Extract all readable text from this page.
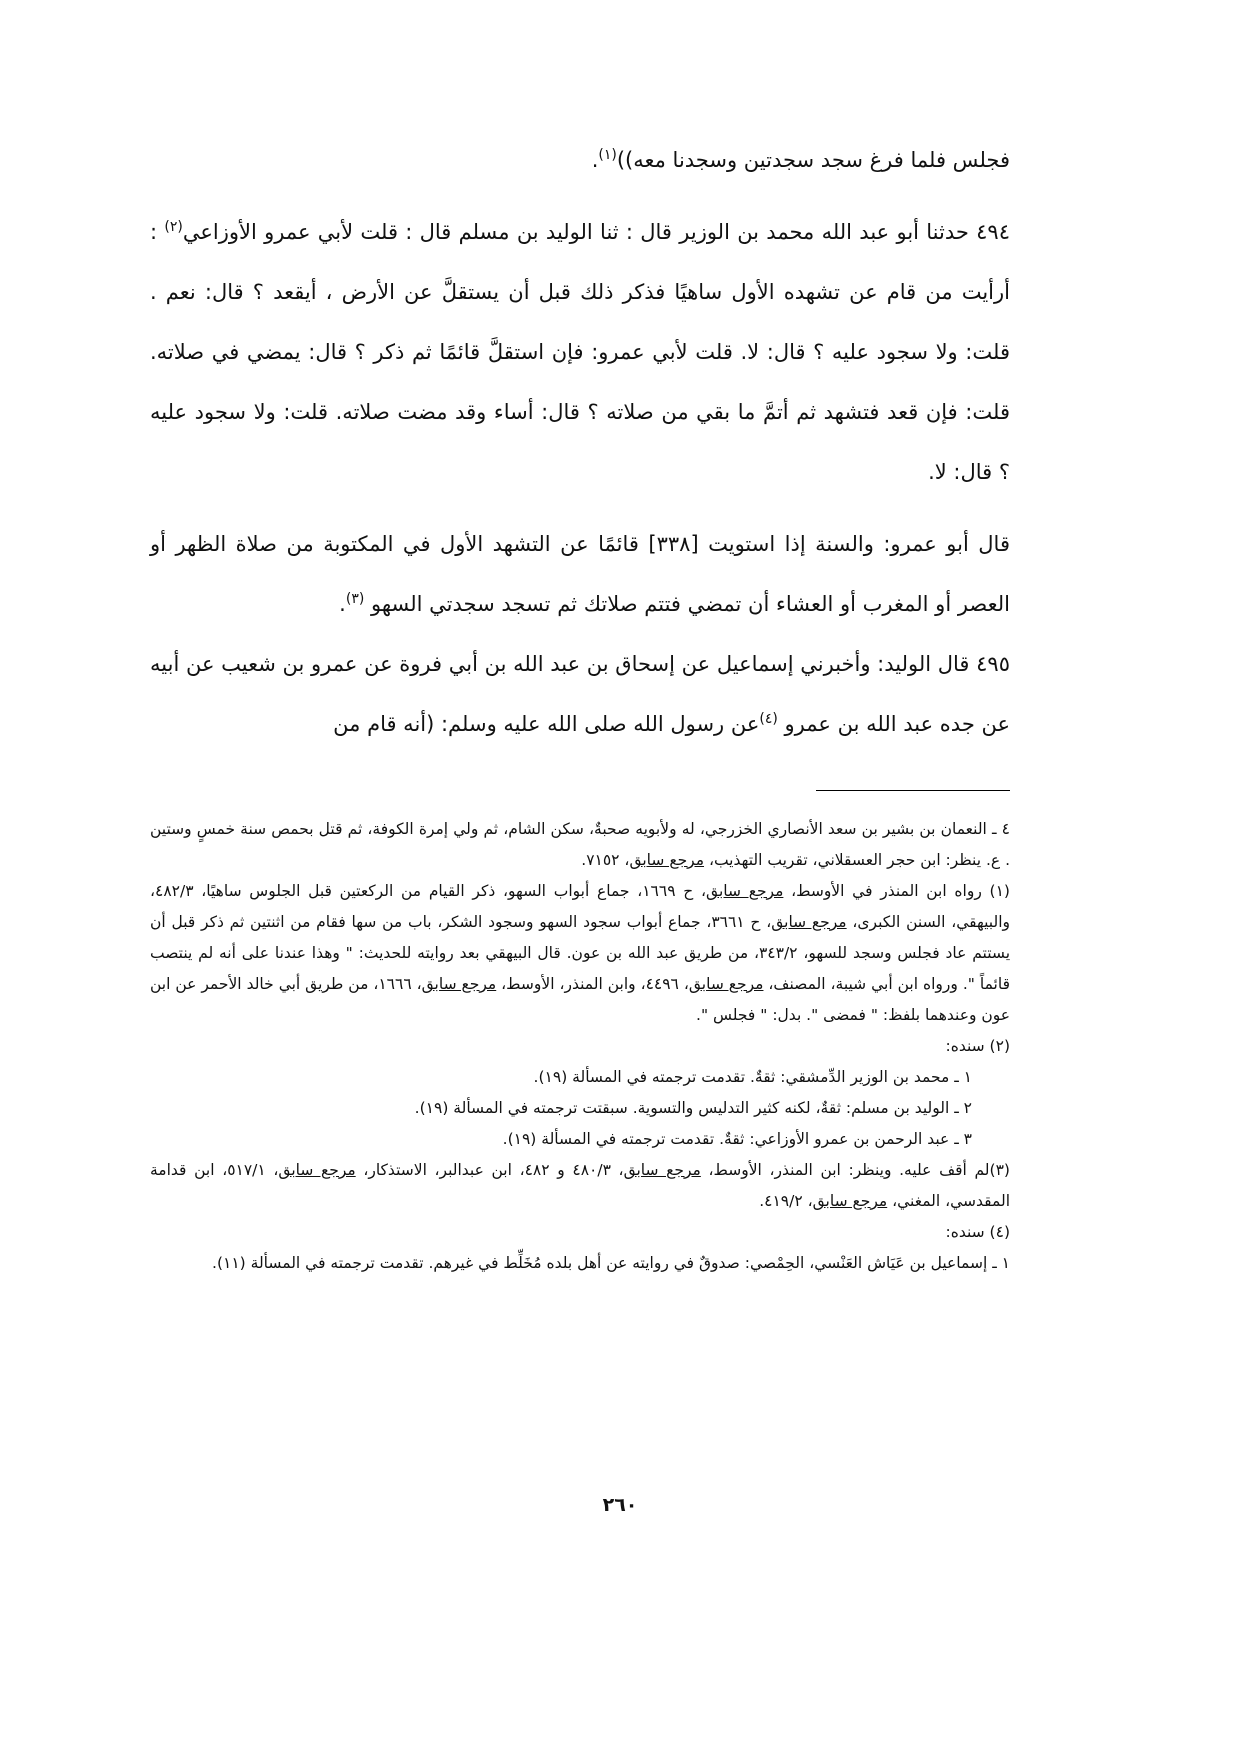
فجلس فلما فرغ سجد سجدتين وسجدنا معه))$^{(١)}$.

٤٩٤ حدثنا أبو عبد الله محمد بن الوزير قال : ثنا الوليد بن مسلم قال : قلت لأبي عمرو الأوزاعي$^{(٢)}$ : أرأيت من قام عن تشهده الأول ساهيًا فذكر ذلك قبل أن يستقلَّ عن الأرض ، أيقعد ؟ قال: نعم . قلت: ولا سجود عليه ؟ قال: لا. قلت لأبي عمرو: فإن استقلَّ قائمًا ثم ذكر ؟ قال: يمضي في صلاته. قلت: فإن قعد فتشهد ثم أتمَّ ما بقي من صلاته ؟ قال: أساء وقد مضت صلاته. قلت: ولا سجود عليه ؟ قال: لا.

قال أبو عمرو: والسنة إذا استويت [٣٣٨] قائمًا عن التشهد الأول في المكتوبة من صلاة الظهر أو العصر أو المغرب أو العشاء أن تمضي فتتم صلاتك ثم تسجد سجدتي السهو $^{(٣)}$.

٤٩٥ قال الوليد: وأخبرني إسماعيل عن إسحاق بن عبد الله بن أبي فروة عن عمرو بن شعيب عن أبيه عن جده عبد الله بن عمرو $^{(٤)}$عن رسول الله صلى الله عليه وسلم: (أنه قام من

٤ ـ النعمان بن بشير بن سعد الأنصاري الخزرجي، له ولأبويه صحبةٌ، سكن الشام، ثم ولي إمرة الكوفة، ثم قتل بحمص سنة خمسٍ وستين . ع. ينظر: ابن حجر العسقلاني، تقريب التهذيب، مرجع سابق، ٧١٥٢.

(١) رواه ابن المنذر في الأوسط، مرجع سابق، ح ١٦٦٩، جماع أبواب السهو، ذكر القيام من الركعتين قبل الجلوس ساهيًا، ٤٨٢/٣، والبيهقي، السنن الكبرى، مرجع سابق، ح ٣٦٦١، جماع أبواب سجود السهو وسجود الشكر، باب من سها فقام من اثنتين ثم ذكر قبل أن يستتم عاد فجلس وسجد للسهو، ٣٤٣/٢، من طريق عبد الله بن عون. قال البيهقي بعد روايته للحديث: " وهذا عندنا على أنه لم ينتصب قائماً ". ورواه ابن أبي شيبة، المصنف، مرجع سابق، ٤٤٩٦، وابن المنذر، الأوسط، مرجع سابق، ١٦٦٦، من طريق أبي خالد الأحمر عن ابن عون وعندهما بلفظ: " فمضى ". بدل: " فجلس ".

(٢) سنده:

١ ـ محمد بن الوزير الدِّمشقي: ثقةٌ. تقدمت ترجمته في المسألة (١٩).

٢ ـ الوليد بن مسلم: ثقةٌ، لكنه كثير التدليس والتسوية. سبقتت ترجمته في المسألة (١٩).

٣ ـ عبد الرحمن بن عمرو الأوزاعي: ثقةٌ. تقدمت ترجمته في المسألة (١٩).

(٣)لم أقف عليه. وينظر: ابن المنذر، الأوسط، مرجع سابق، ٤٨٠/٣ و ٤٨٢، ابن عبدالبر، الاستذكار، مرجع سابق، ٥١٧/١، ابن قدامة المقدسي، المغني، مرجع سابق، ٤١٩/٢.

(٤) سنده:

١ ـ إسماعيل بن عَيَاش العَنْسي، الحِمْصي: صدوقٌ في روايته عن أهل بلده مُخَلِّط في غيرهم. تقدمت ترجمته في المسألة (١١).

٢٦٠
